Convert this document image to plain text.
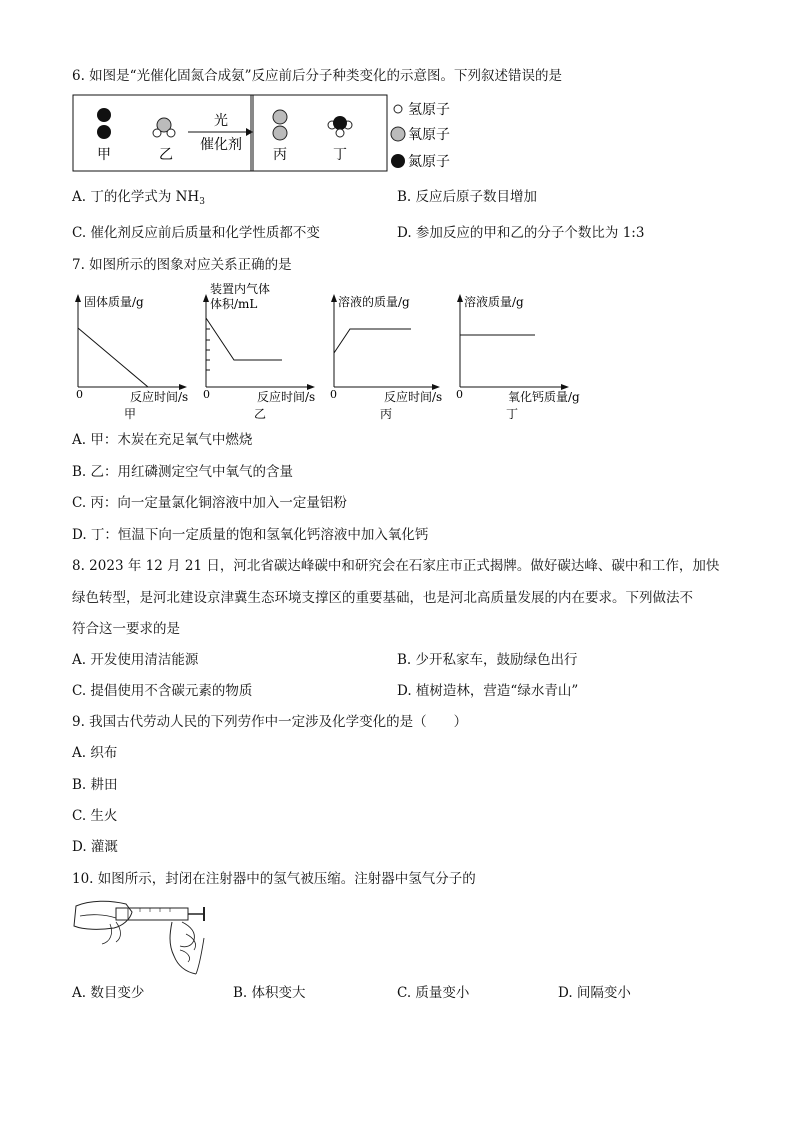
6. 如图是“光催化固氮合成氨”反应前后分子种类变化的示意图。下列叙述错误的是
甲	乙
光
催化剂
丙	丁
氢原子
氧原子
氮原子
A. 丁的化学式为 $NH_3$	B. 反应后原子数目增加
C. 催化剂反应前后质量和化学性质都不变	D. 参加反应的甲和乙的分子个数比为 1:3
7. 如图所示的图象对应关系正确的是
固体质量/g
0	反应时间/s
甲
装置内气体
体积/mL
0	反应时间/s
乙
溶液的质量/g
0	反应时间/s
丙
溶液质量/g
0	氧化钙质量/g
丁
A. 甲：木炭在充足氧气中燃烧
B. 乙：用红磷测定空气中氧气的含量
C. 丙：向一定量氯化铜溶液中加入一定量铝粉
D. 丁：恒温下向一定质量的饱和氢氧化钙溶液中加入氧化钙
8. 2023 年 12 月 21 日，河北省碳达峰碳中和研究会在石家庄市正式揭牌。做好碳达峰、碳中和工作，加快
绿色转型，是河北建设京津冀生态环境支撑区的重要基础，也是河北高质量发展的内在要求。下列做法不
符合这一要求的是
A. 开发使用清洁能源	B. 少开私家车，鼓励绿色出行
C. 提倡使用不含碳元素的物质	D. 植树造林，营造“绿水青山”
9. 我国古代劳动人民的下列劳作中一定涉及化学变化的是（　　）
A. 织布
B. 耕田
C. 生火
D. 灌溉
10. 如图所示，封闭在注射器中的氢气被压缩。注射器中氢气分子的
A. 数目变少	B. 体积变大	C. 质量变小	D. 间隔变小
